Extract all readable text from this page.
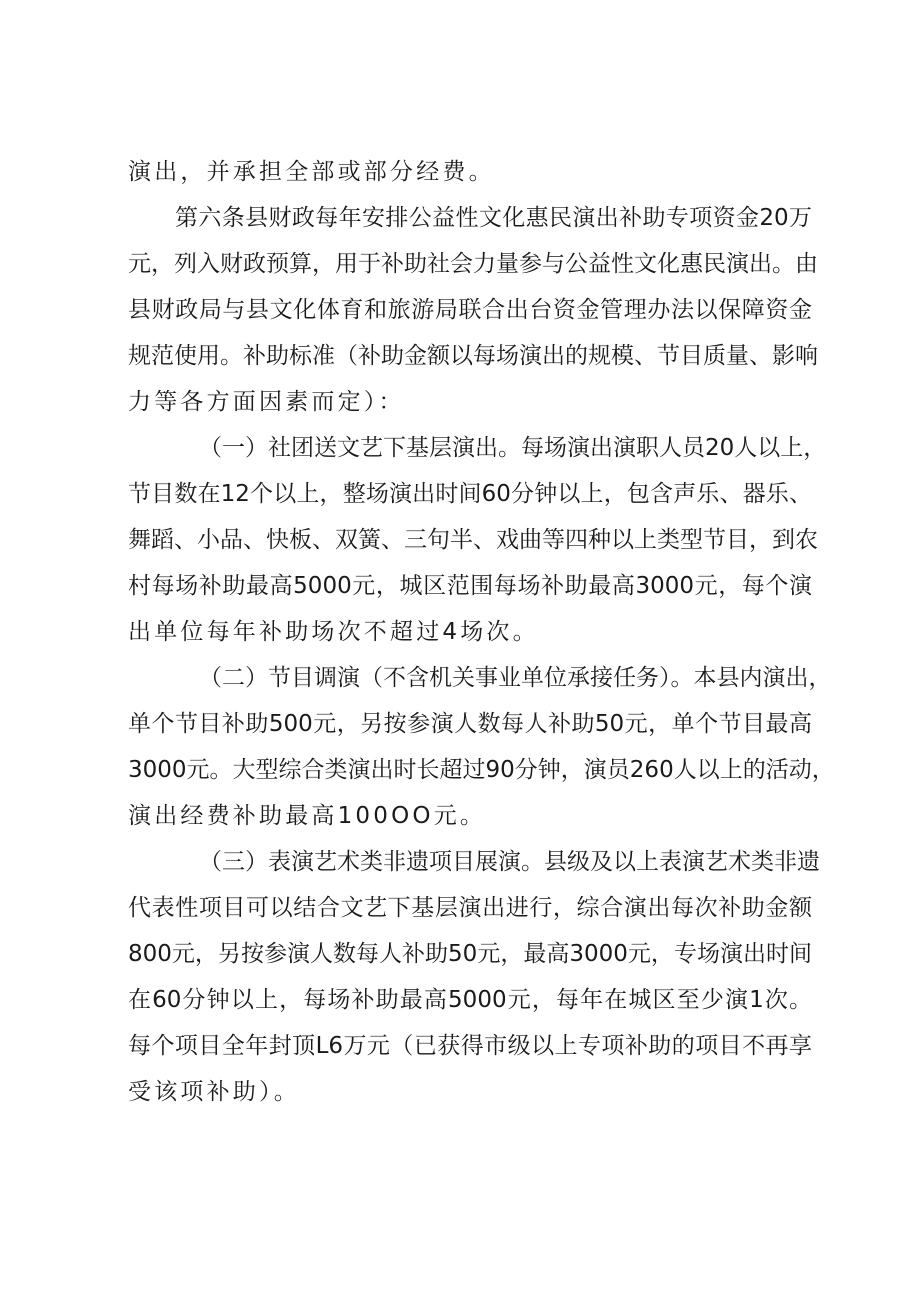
演出，并承担全部或部分经费。

第六条县财政每年安排公益性文化惠民演出补助专项资金20万

元，列入财政预算，用于补助社会力量参与公益性文化惠民演出。由

县财政局与县文化体育和旅游局联合出台资金管理办法以保障资金

规范使用。补助标准（补助金额以每场演出的规模、节目质量、影响

力等各方面因素而定）：

（一）社团送文艺下基层演出。每场演出演职人员20人以上，

节目数在12个以上，整场演出时间60分钟以上，包含声乐、器乐、

舞蹈、小品、快板、双簧、三句半、戏曲等四种以上类型节目，到农

村每场补助最高5000元，城区范围每场补助最高3000元，每个演

出单位每年补助场次不超过4场次。

（二）节目调演（不含机关事业单位承接任务）。本县内演出，

单个节目补助500元，另按参演人数每人补助50元，单个节目最高

3000元。大型综合类演出时长超过90分钟，演员260人以上的活动，

演出经费补助最高100OO元。

（三）表演艺术类非遗项目展演。县级及以上表演艺术类非遗

代表性项目可以结合文艺下基层演出进行，综合演出每次补助金额

800元，另按参演人数每人补助50元，最高3000元，专场演出时间

在60分钟以上，每场补助最高5000元，每年在城区至少演1次。

每个项目全年封顶L6万元（已获得市级以上专项补助的项目不再享

受该项补助）。
